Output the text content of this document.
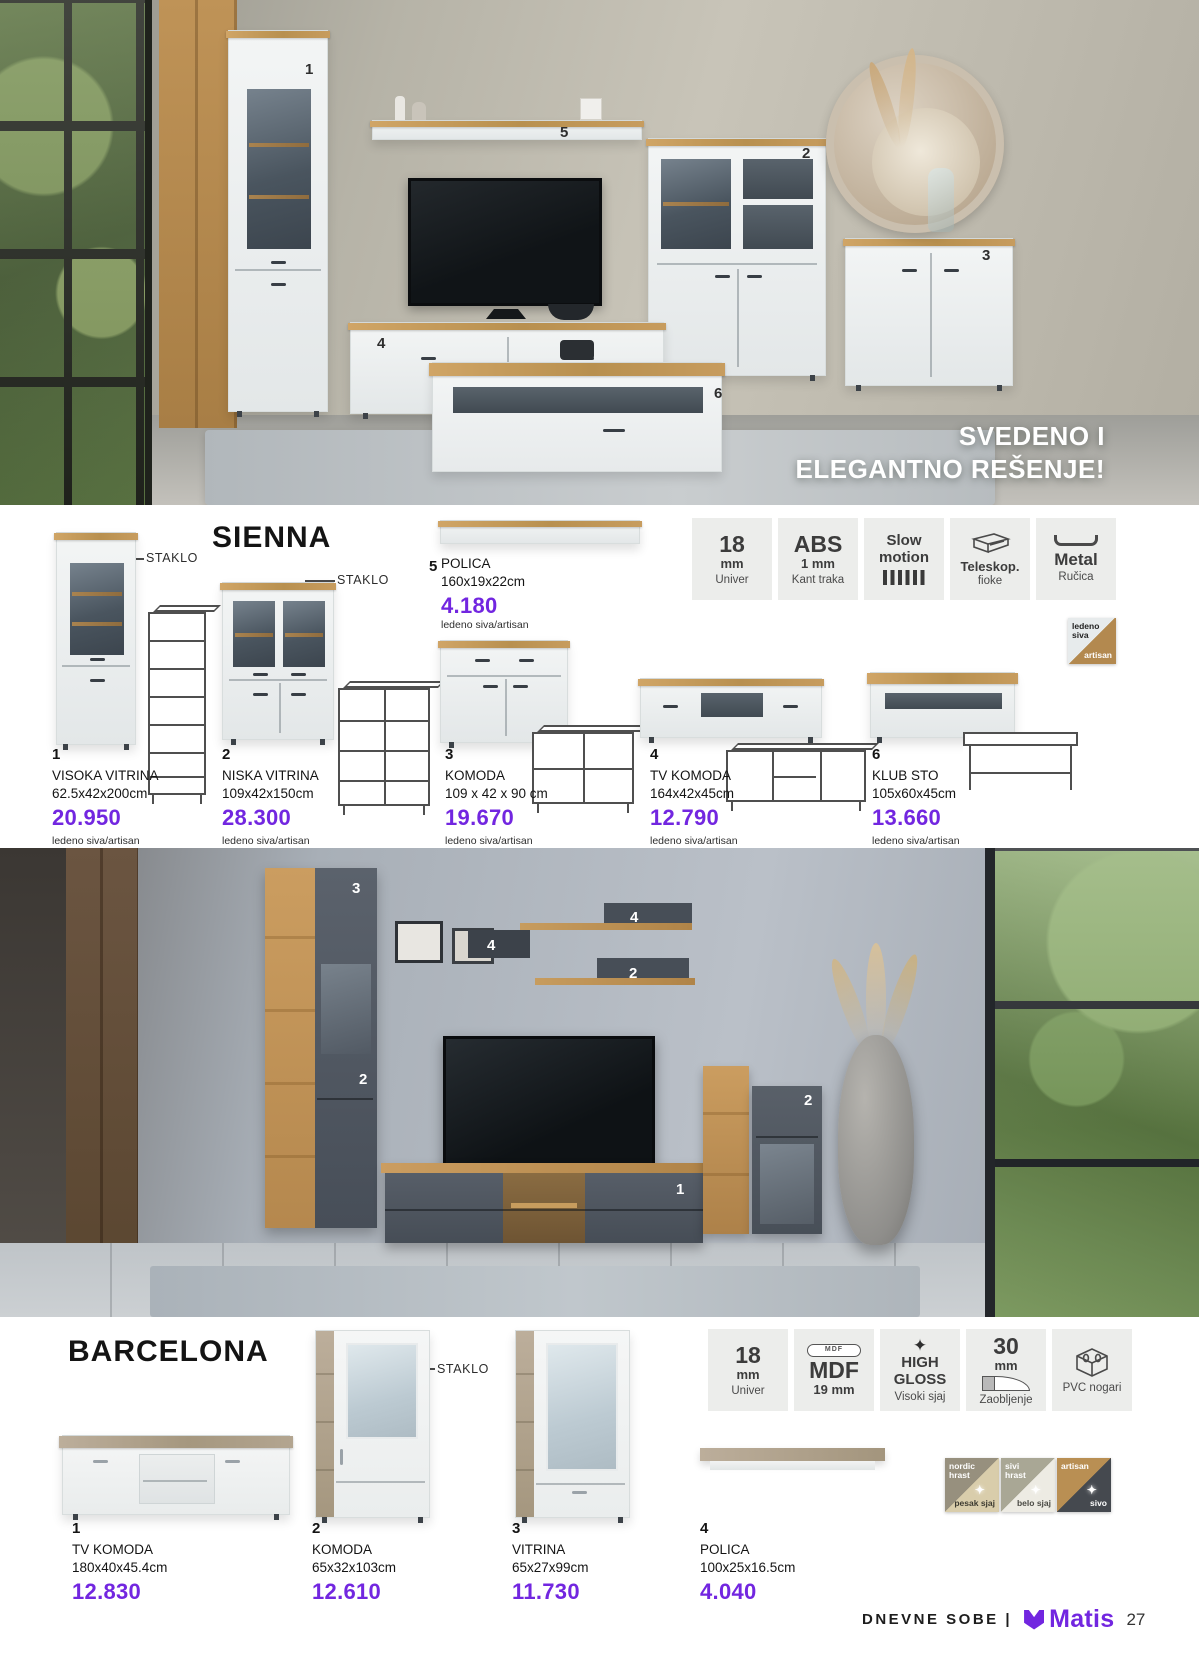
1
5
2
3
4
6
SVEDENO I
ELEGANTNO REŠENJE!
SIENNA
STAKLO
STAKLO
5 POLICA
160x19x22cm
4.180
ledeno siva/artisan
18
mm
Univer
ABS
1 mm
Kant traka
Slow
motion
Teleskop.
fioke
Metal
Ručica
ledeno
siva
artisan
1
VISOKA VITRINA
62.5x42x200cm
20.950
ledeno siva/artisan
2
NISKA VITRINA
109x42x150cm
28.300
ledeno siva/artisan
3
KOMODA
109 x 42 x 90 cm
19.670
ledeno siva/artisan
4
TV KOMODA
164x42x45cm
12.790
ledeno siva/artisan
6
KLUB STO
105x60x45cm
13.660
ledeno siva/artisan
3
4
4
2
2
2
1
BARCELONA	18
mm
Univer
MDF
MDF
19 mm
✦
HIGH
GLOSS
Visoki sjaj
30
mm
Zaobljenje
PVC nogari
STAKLO
nordic
hrast
✦
pesak sjaj
sivi
hrast
✦
belo sjaj
artisan
✦
sivo
1
TV KOMODA
180x40x45.4cm
12.830
2
KOMODA
65x32x103cm
12.610
3
VITRINA
65x27x99cm
11.730
4
POLICA
100x25x16.5cm
4.040
DNEVNE SOBE | Matis 27
